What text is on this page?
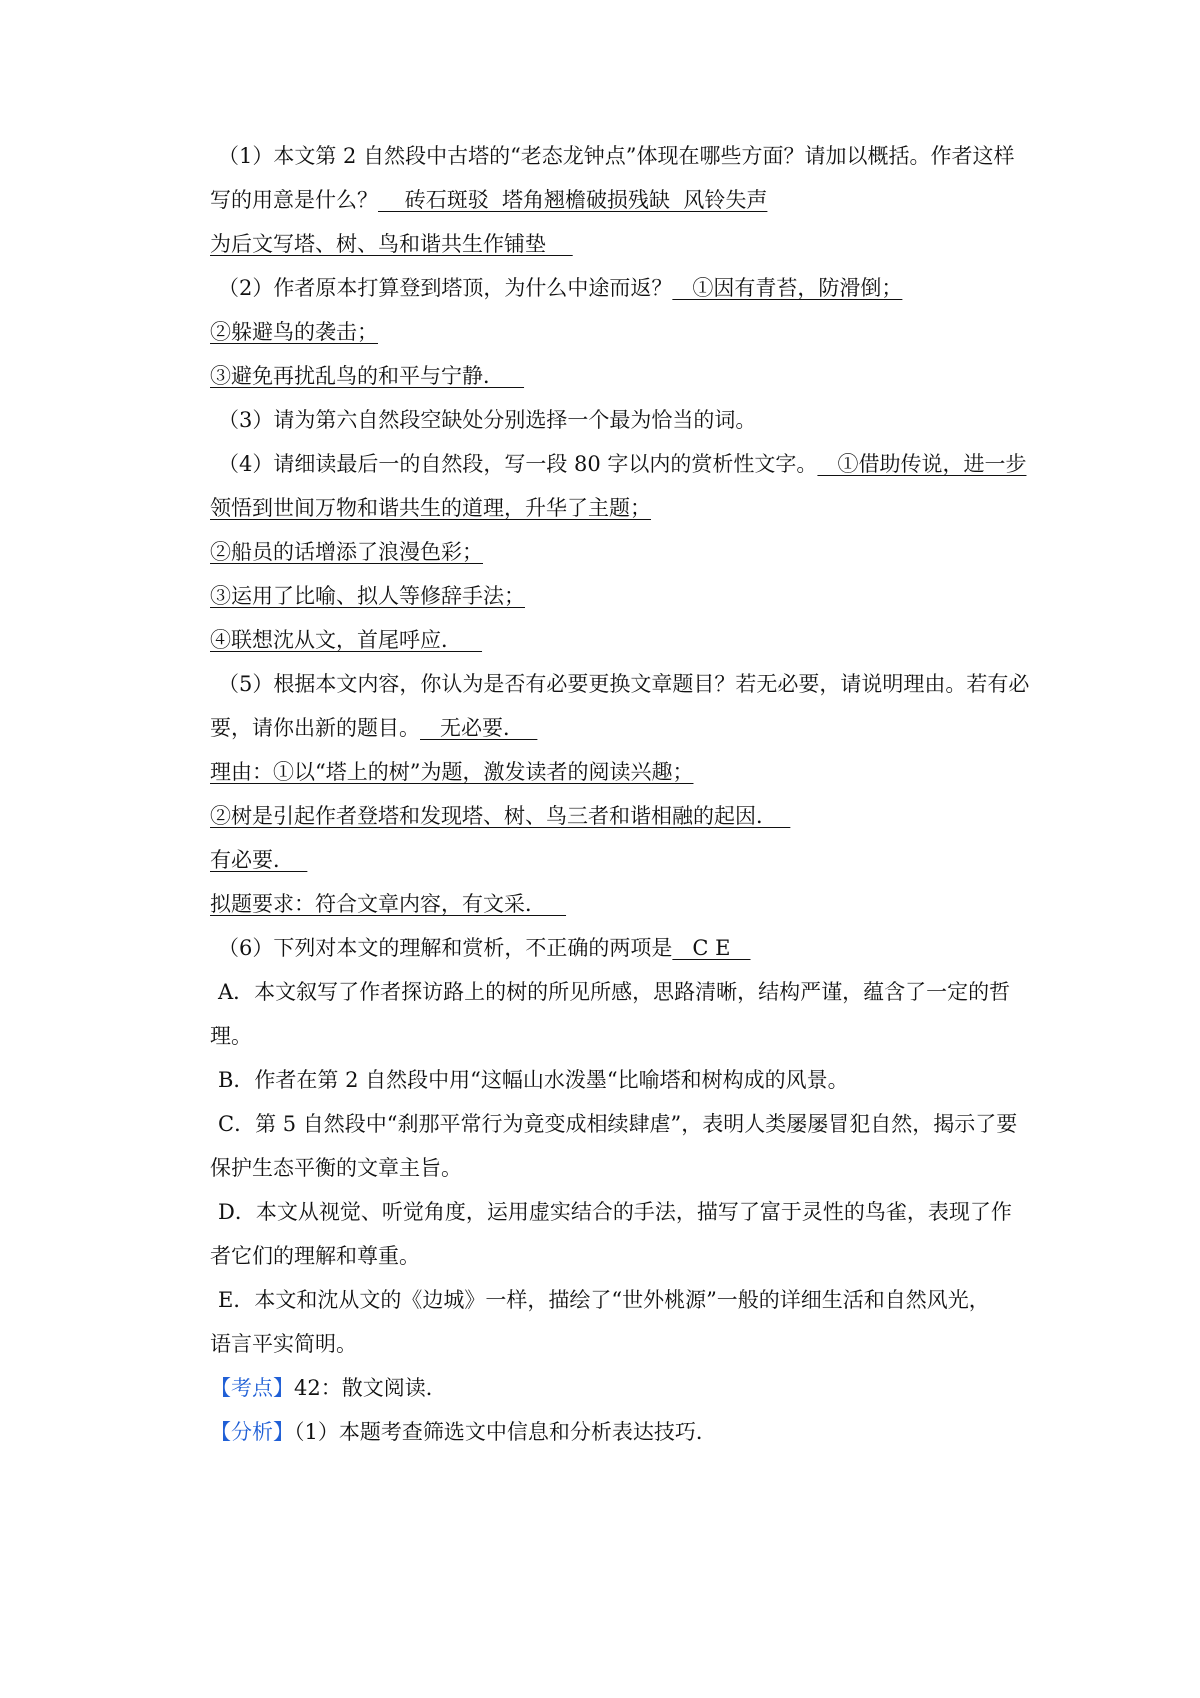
（1）本文第 2 自然段中古塔的“老态龙钟点”体现在哪些方面？请加以概括。作者这样
写的用意是什么？    砖石斑驳  塔角翘檐破损残缺  风铃失声
为后文写塔、树、鸟和谐共生作铺垫
（2）作者原本打算登到塔顶，为什么中途而返？   ①因有青苔，防滑倒；
②躲避鸟的袭击；
③避免再扰乱鸟的和平与宁静．
（3）请为第六自然段空缺处分别选择一个最为恰当的词。
（4）请细读最后一的自然段，写一段 80 字以内的赏析性文字。   ①借助传说，进一步
领悟到世间万物和谐共生的道理，升华了主题；
②船员的话增添了浪漫色彩；
③运用了比喻、拟人等修辞手法；
④联想沈从文，首尾呼应．
（5）根据本文内容，你认为是否有必要更换文章题目？若无必要，请说明理由。若有必
要，请你出新的题目。   无必要．
理由：①以“塔上的树”为题，激发读者的阅读兴趣；
②树是引起作者登塔和发现塔、树、鸟三者和谐相融的起因．
有必要．
拟题要求：符合文章内容，有文采．
（6）下列对本文的理解和赏析，不正确的两项是   C E
A．本文叙写了作者探访路上的树的所见所感，思路清晰，结构严谨，蕴含了一定的哲
理。
B．作者在第 2 自然段中用“这幅山水泼墨“比喻塔和树构成的风景。
C．第 5 自然段中“刹那平常行为竟变成相续肆虐”，表明人类屡屡冒犯自然，揭示了要
保护生态平衡的文章主旨。
D．本文从视觉、听觉角度，运用虚实结合的手法，描写了富于灵性的鸟雀，表现了作
者它们的理解和尊重。
E．本文和沈从文的《边城》一样，描绘了“世外桃源”一般的详细生活和自然风光，
语言平实简明。
【考点】42：散文阅读．
【分析】（1）本题考查筛选文中信息和分析表达技巧．
